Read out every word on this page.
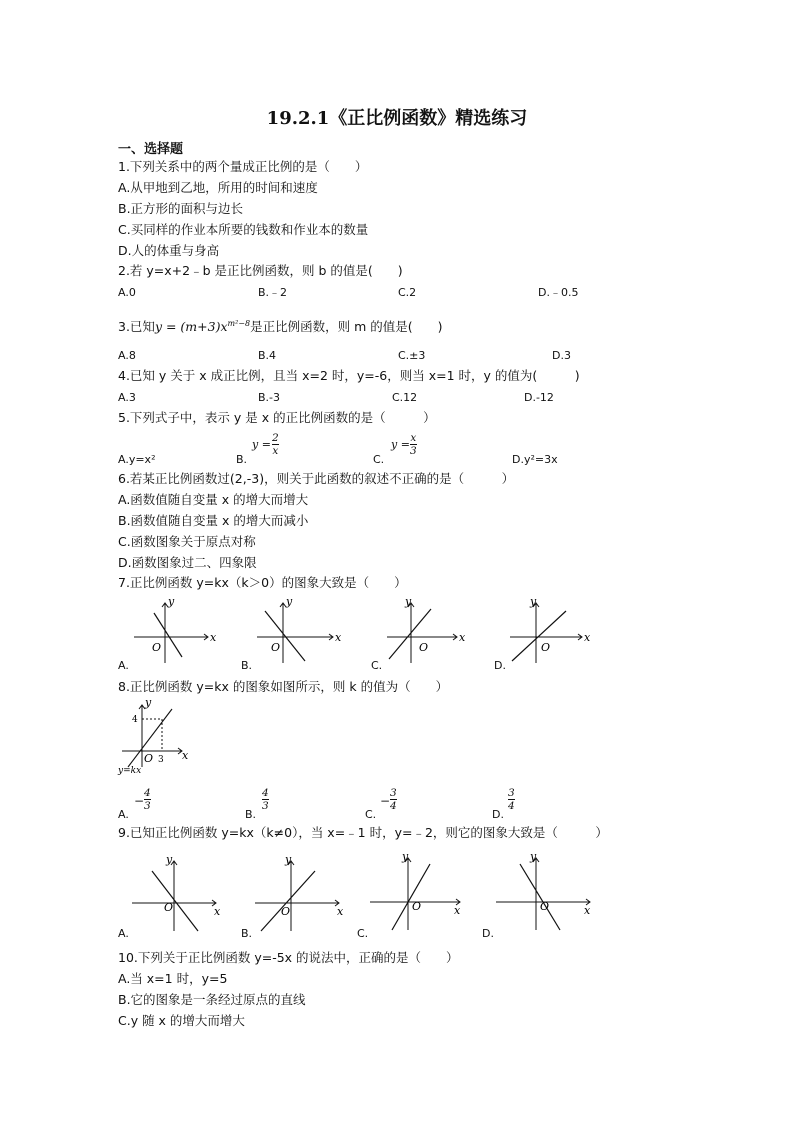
19.2.1《正比例函数》精选练习
一、选择题
1.下列关系中的两个量成正比例的是（　　）
A.从甲地到乙地，所用的时间和速度
B.正方形的面积与边长
C.买同样的作业本所要的钱数和作业本的数量
D.人的体重与身高
2.若 y=x+2﹣b 是正比例函数，则 b 的值是(　　)
A.0	B.﹣2	C.2	D.﹣0.5
3.已知$y = (m+3)x^{m^2-8}$是正比例函数，则 m 的值是(　　)
A.8	B.4	C.±3	D.3
4.已知 y 关于 x 成正比例，且当 x=2 时，y=-6，则当 x=1 时，y 的值为(　　　)
A.3	B.-3	C.12	D.-12
5.下列式子中，表示 y 是 x 的正比例函数的是（　　　）
A.y=x²	B.
y = 2
x
C.
y = x
3
D.y²=3x
6.若某正比例函数过(2,-3)，则关于此函数的叙述不正确的是（　　　）
A.函数值随自变量 x 的增大而增大
B.函数值随自变量 x 的增大而减小
C.函数图象关于原点对称
D.函数图象过二、四象限
7.正比例函数 y=kx（k＞0）的图象大致是（　　）
x
y
O
A.
x
y
O
B.
x
y
O
C.
x
y
O
D.
8.正比例函数 y=kx 的图象如图所示，则 k 的值为（　　）
4
3
y
x
O
y=kx
A.
−
4
3
B.
4
3
C.
−
3
4
D.
3
4
9.已知正比例函数 y=kx（k≠0），当 x=﹣1 时，y=﹣2，则它的图象大致是（　　　）
x
y
O
A.
x
y
O
B.
x
y
O
C.
x
y
O
D.
10.下列关于正比例函数 y=-5x 的说法中，正确的是（　　）
A.当 x=1 时，y=5
B.它的图象是一条经过原点的直线
C.y 随 x 的增大而增大
